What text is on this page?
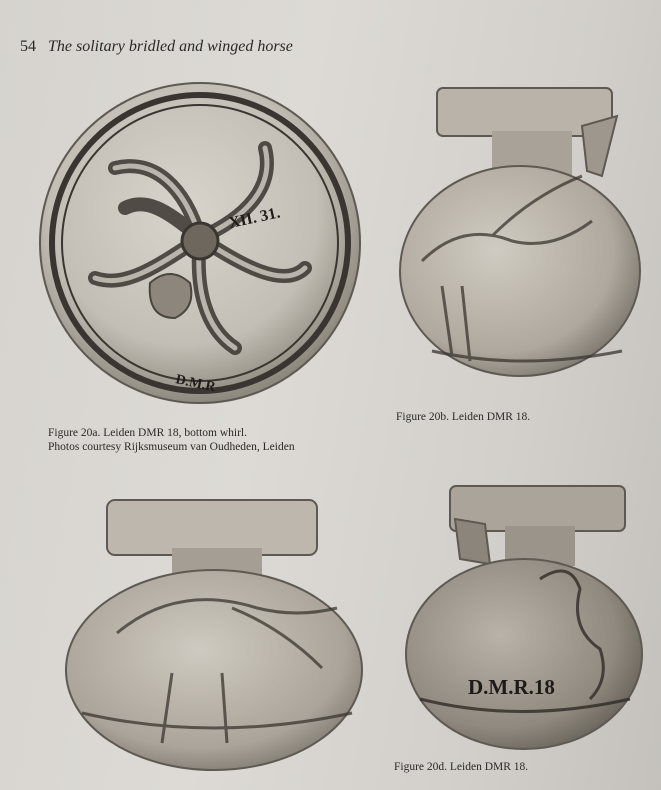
54 The solitary bridled and winged horse
XII. 31.
D.M.R
Figure 20a. Leiden DMR 18, bottom whirl.
Photos courtesy Rijksmuseum van Oudheden, Leiden
Figure 20b. Leiden DMR 18.
D.M.R.18
Figure 20d. Leiden DMR 18.
